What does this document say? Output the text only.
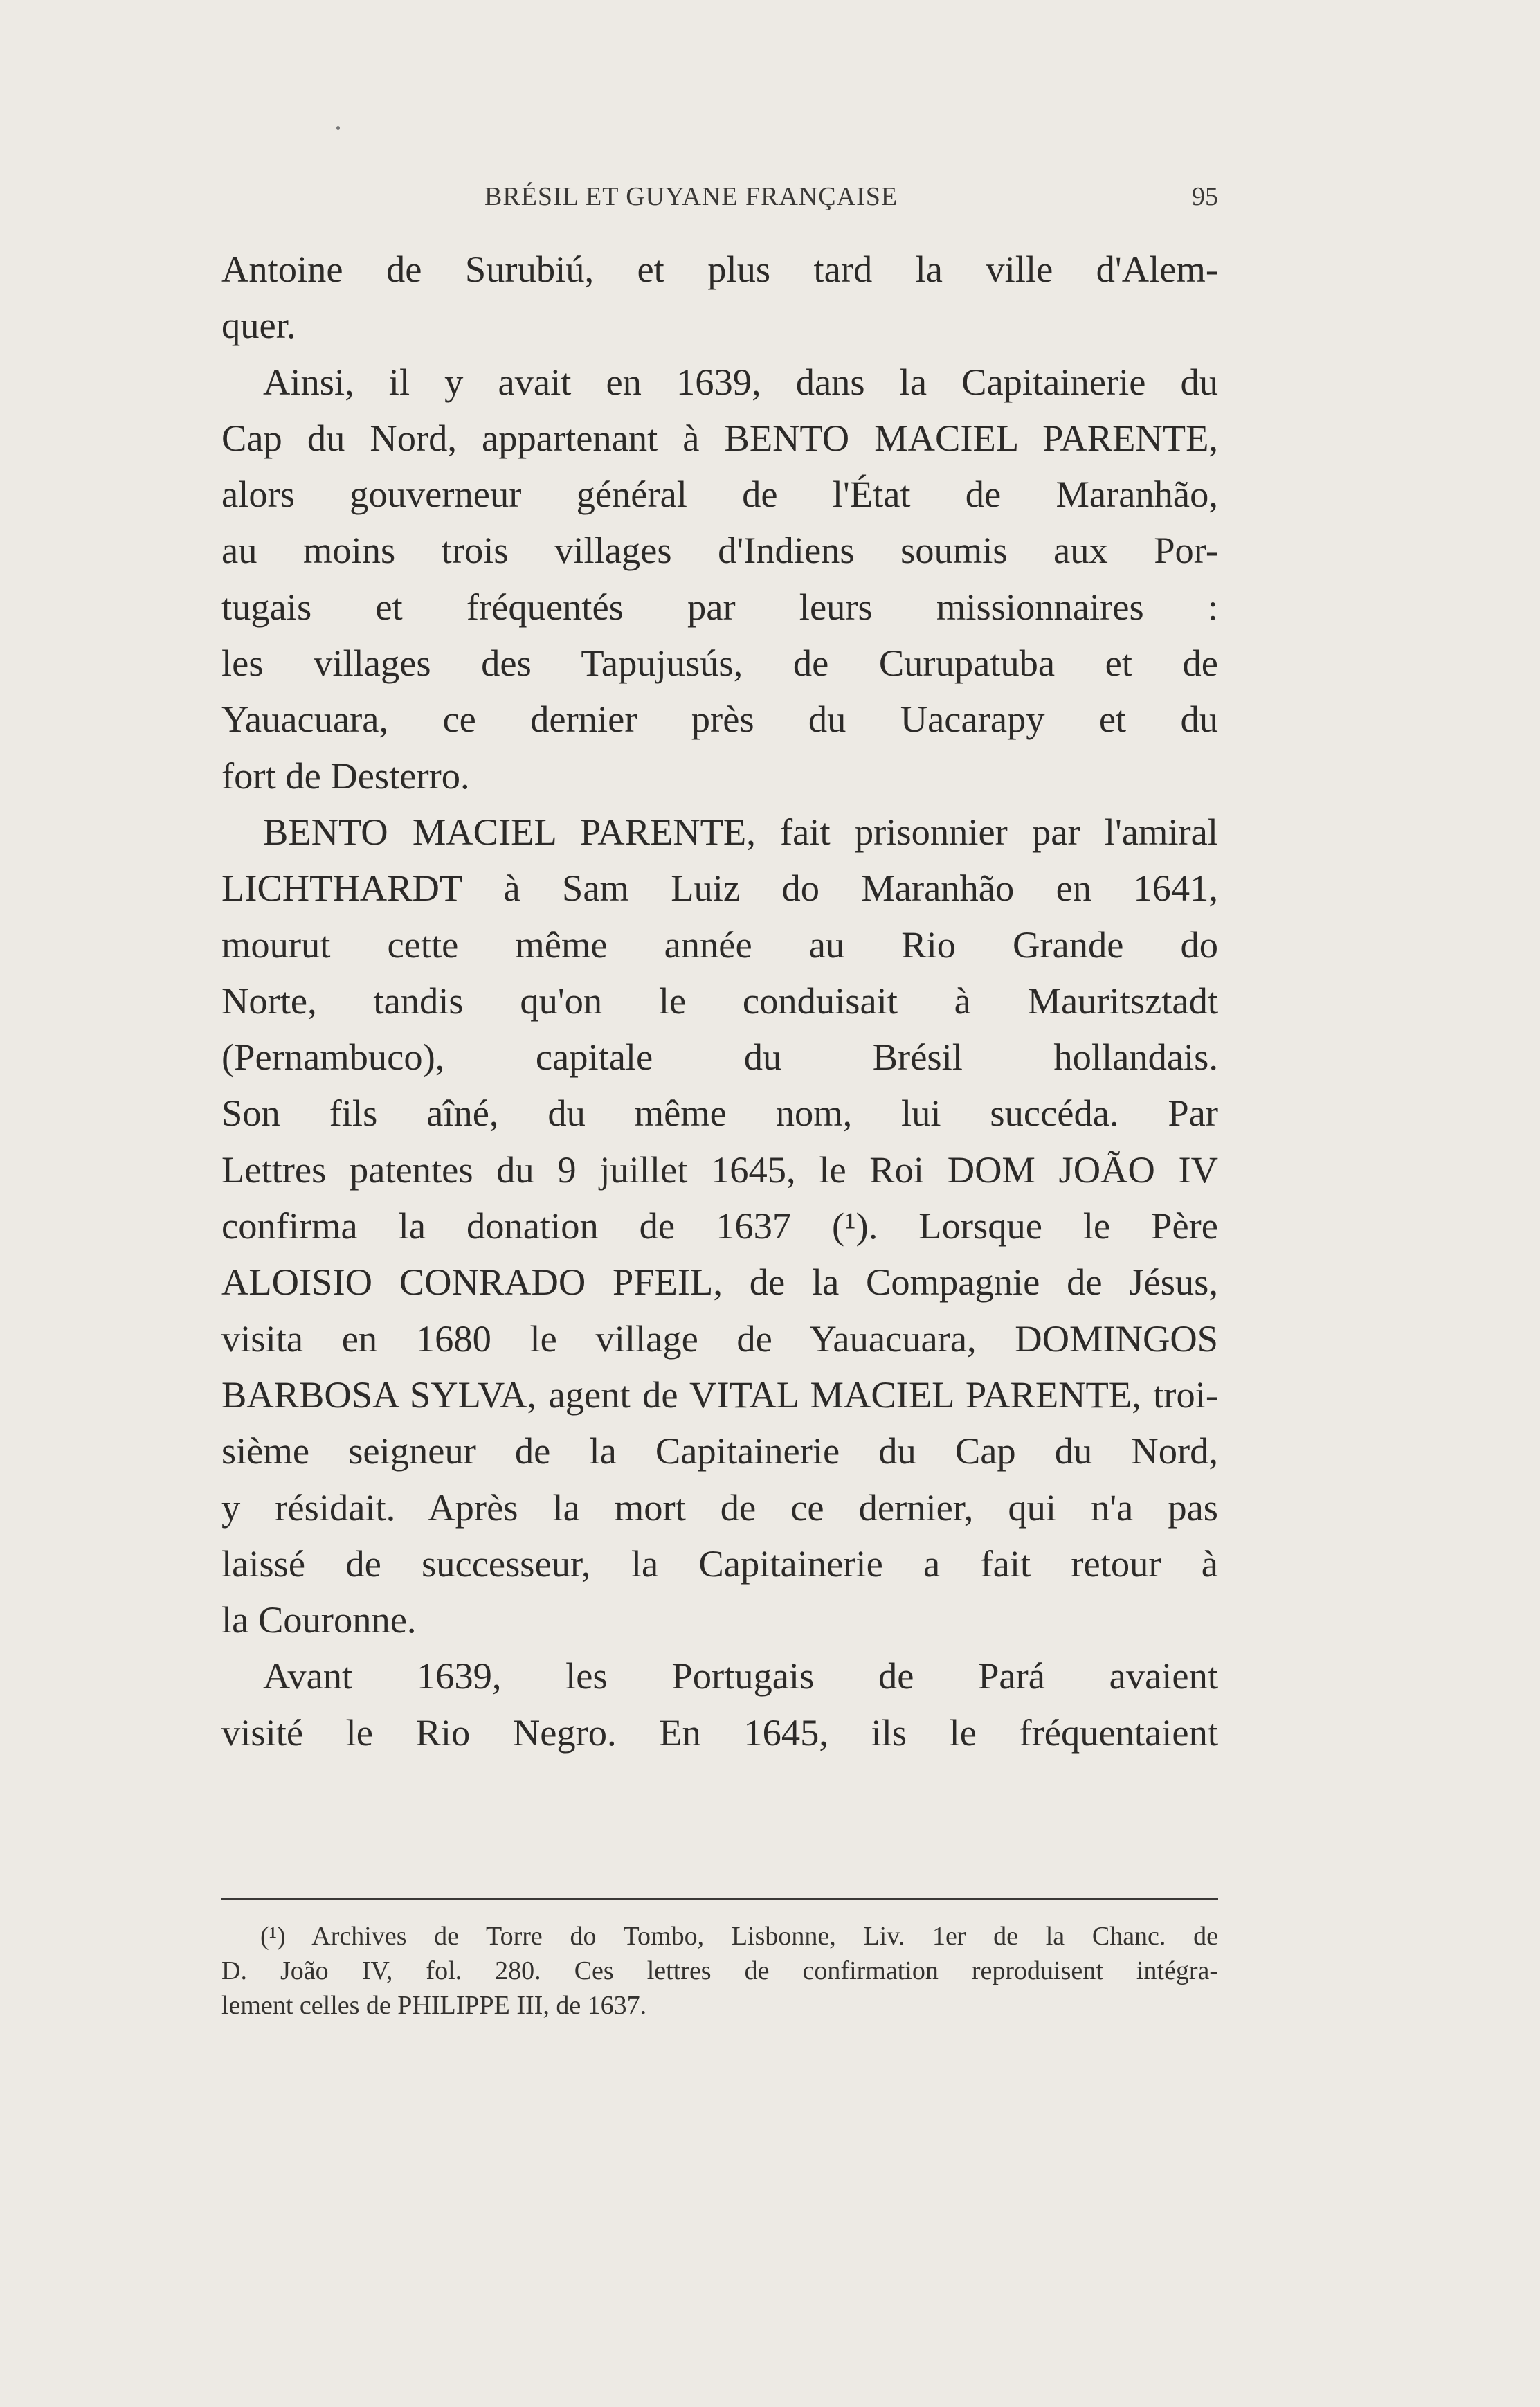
BRÉSIL ET GUYANE FRANÇAISE	95
Antoine de Surubiú, et plus tard la ville d'Alem-
quer.
Ainsi, il y avait en 1639, dans la Capitainerie du
Cap du Nord, appartenant à BENTO MACIEL PARENTE,
alors gouverneur général de l'État de Maranhão,
au moins trois villages d'Indiens soumis aux Por-
tugais et fréquentés par leurs missionnaires :
les villages des Tapujusús, de Curupatuba et de
Yauacuara, ce dernier près du Uacarapy et du
fort de Desterro.
BENTO MACIEL PARENTE, fait prisonnier par l'amiral
LICHTHARDT à Sam Luiz do Maranhão en 1641,
mourut cette même année au Rio Grande do
Norte, tandis qu'on le conduisait à Mauritsztadt
(Pernambuco), capitale du Brésil hollandais.
Son fils aîné, du même nom, lui succéda. Par
Lettres patentes du 9 juillet 1645, le Roi DOM JOÃO IV
confirma la donation de 1637 (¹). Lorsque le Père
ALOISIO CONRADO PFEIL, de la Compagnie de Jésus,
visita en 1680 le village de Yauacuara, DOMINGOS
BARBOSA SYLVA, agent de VITAL MACIEL PARENTE, troi-
sième seigneur de la Capitainerie du Cap du Nord,
y résidait. Après la mort de ce dernier, qui n'a pas
laissé de successeur, la Capitainerie a fait retour à
la Couronne.
Avant 1639, les Portugais de Pará avaient
visité le Rio Negro. En 1645, ils le fréquentaient
(¹) Archives de Torre do Tombo, Lisbonne, Liv. 1er de la Chanc. de
D. João IV, fol. 280. Ces lettres de confirmation reproduisent intégra-
lement celles de PHILIPPE III, de 1637.
